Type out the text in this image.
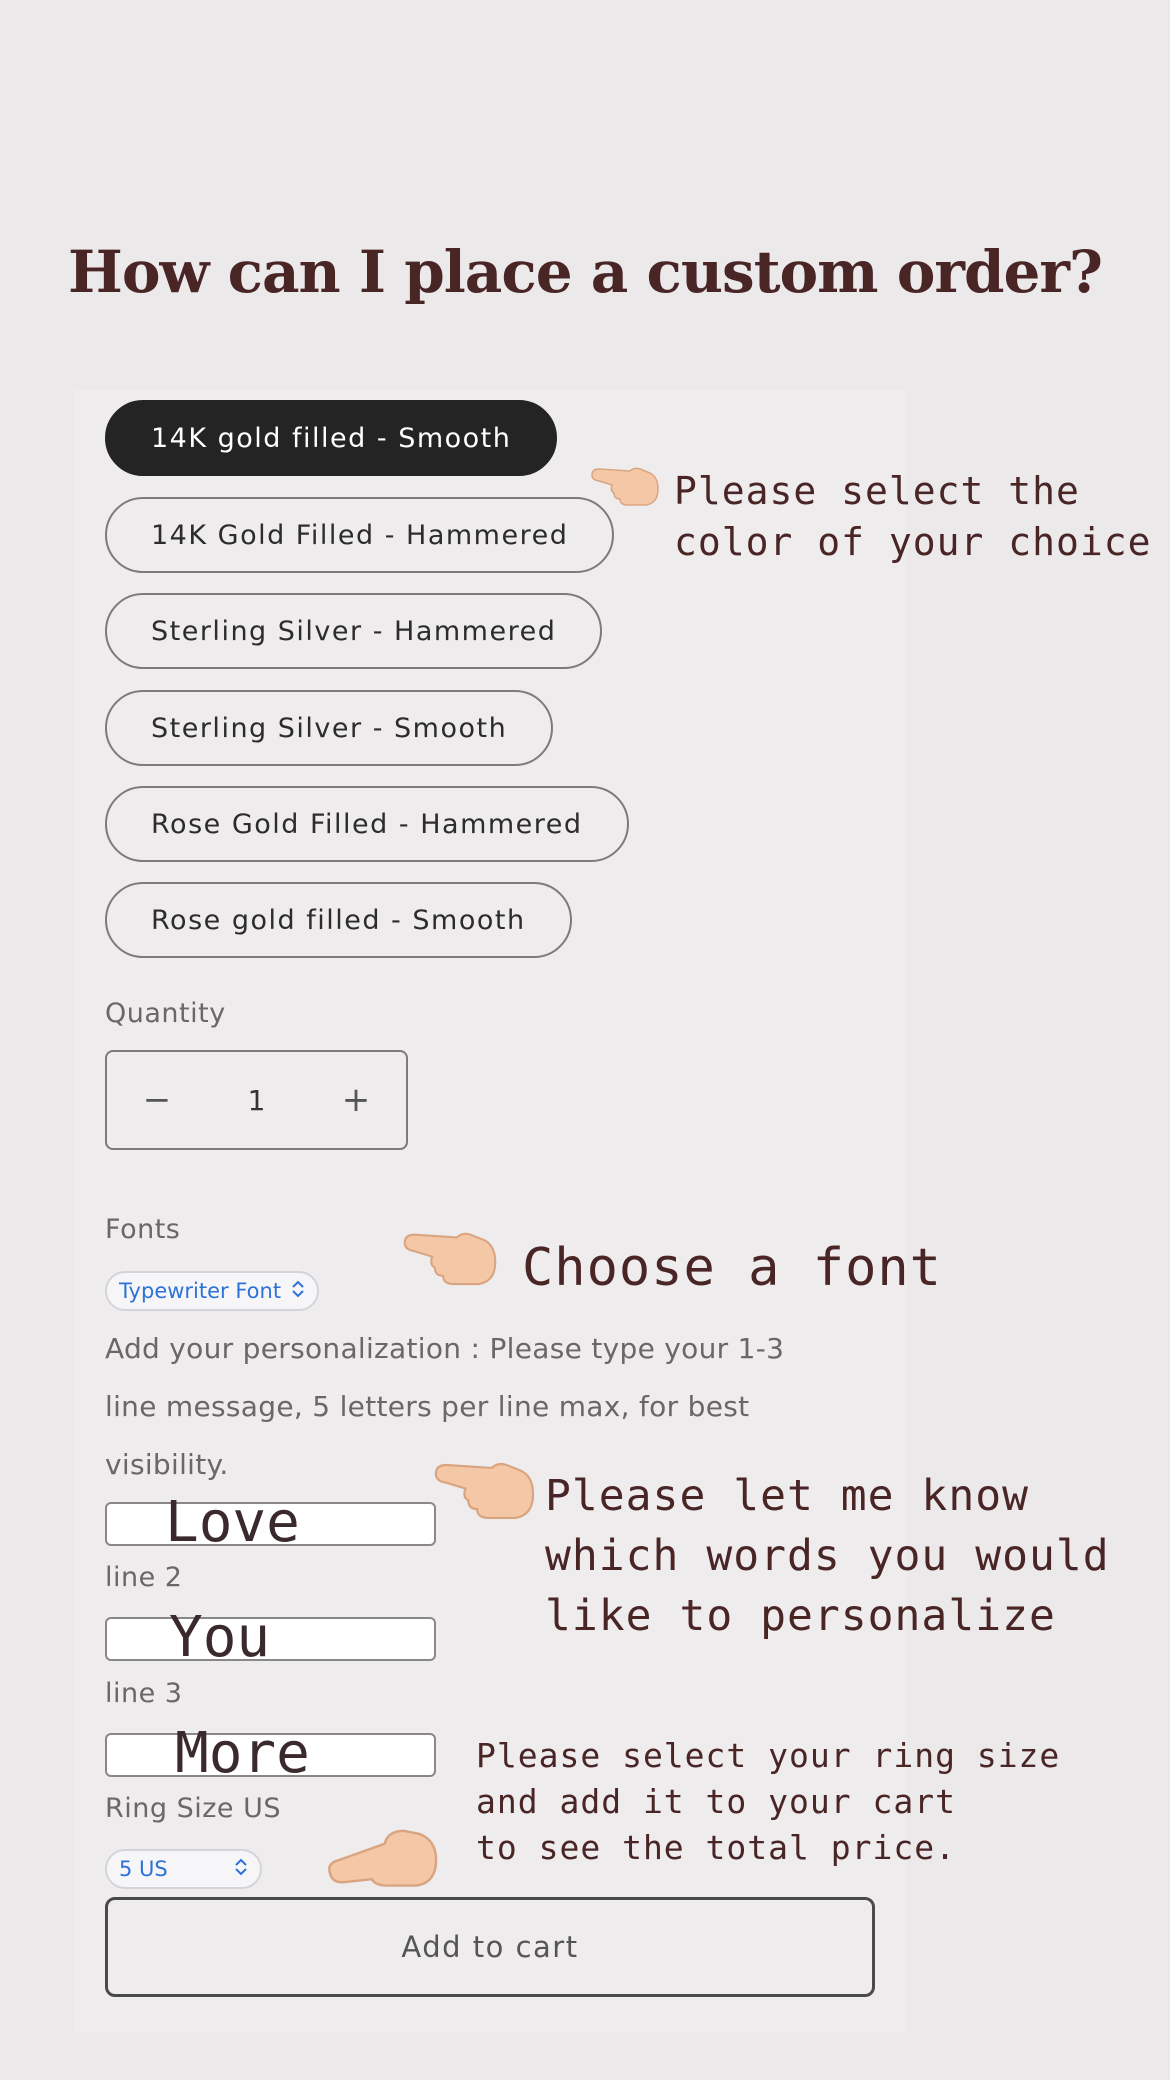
How can I place a custom order?
14K gold filled - Smooth
14K Gold Filled - Hammered
Sterling Silver - Hammered
Sterling Silver - Smooth
Rose Gold Filled - Hammered
Rose gold filled - Smooth
Quantity
−	1	+
Fonts
Typewriter Font
Add your personalization : Please type your 1-3 line message, 5 letters per line max, for best visibility.
Love
line 2
You
line 3
More
Ring Size US
5 US
Add to cart
Please select the
color of your choice
Choose a font
Please let me know
which words you would
like to personalize
Please select your ring size
and add it to your cart
to see the total price.
